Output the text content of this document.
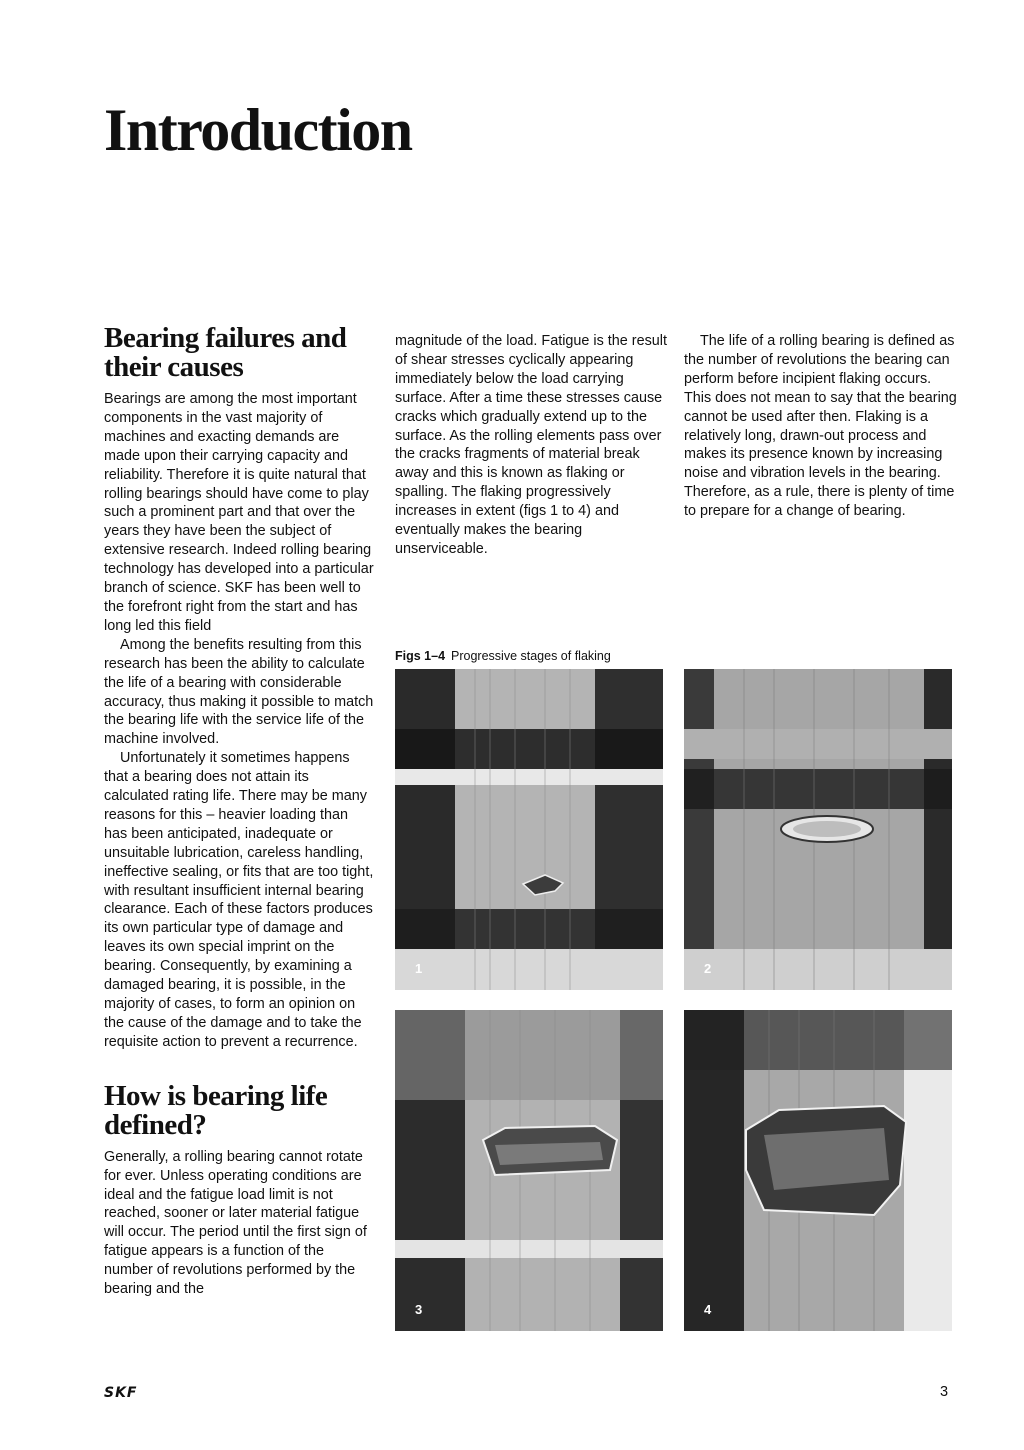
Introduction
Bearing failures and their causes

Bearings are among the most important components in the vast majority of machines and exacting demands are made upon their carrying capacity and reliability. Therefore it is quite natural that rolling bearings should have come to play such a prominent part and that over the years they have been the subject of extensive research. Indeed rolling bearing technology has developed into a particular branch of science. SKF has been well to the forefront right from the start and has long led this field

Among the benefits resulting from this research has been the ability to calculate the life of a bearing with considerable accuracy, thus making it possible to match the bearing life with the service life of the machine involved.

Unfortunately it sometimes happens that a bearing does not attain its calculated rating life. There may be many reasons for this – heavier loading than has been anticipated, inadequate or unsuitable lubrication, careless handling, ineffective sealing, or fits that are too tight, with resultant insufficient internal bearing clearance. Each of these factors produces its own particular type of damage and leaves its own special imprint on the bearing. Consequently, by examining a damaged bearing, it is possible, in the majority of cases, to form an opinion on the cause of the damage and to take the requisite action to prevent a recurrence.

How is bearing life defined?

Generally, a rolling bearing cannot rotate for ever. Unless operating conditions are ideal and the fatigue load limit is not reached, sooner or later material fatigue will occur. The period until the first sign of fatigue appears is a function of the number of revolutions performed by the bearing and the

magnitude of the load. Fatigue is the result of shear stresses cyclically appearing immediately below the load carrying surface. After a time these stresses cause cracks which gradually extend up to the surface. As the rolling elements pass over the cracks fragments of material break away and this is known as flaking or spalling. The flaking progressively increases in extent (figs 1 to 4) and eventually makes the bearing unserviceable.

The life of a rolling bearing is defined as the number of revolutions the bearing can perform before incipient flaking occurs. This does not mean to say that the bearing cannot be used after then. Flaking is a relatively long, drawn-out process and makes its presence known by increasing noise and vibration levels in the bearing. Therefore, as a rule, there is plenty of time to prepare for a change of bearing.

Figs 1–4 Progressive stages of flaking
1	2
3	4
SKF	3
